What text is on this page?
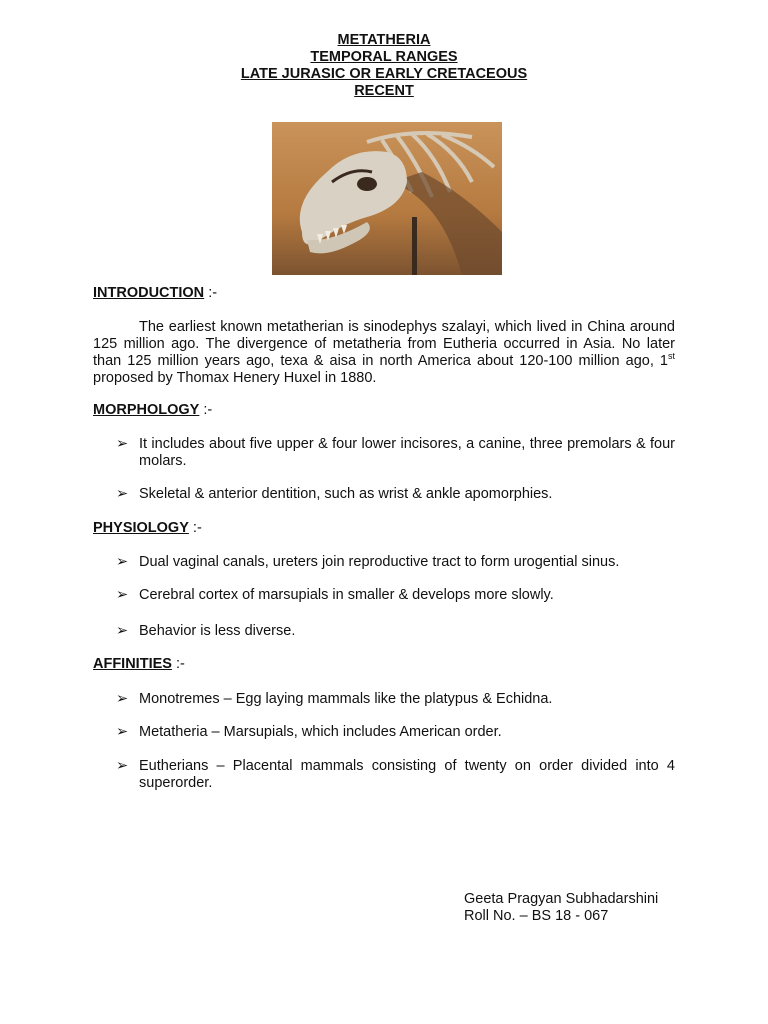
METATHERIA
TEMPORAL RANGES
LATE JURASIC OR EARLY CRETACEOUS
RECENT
INTRODUCTION :-
The earliest known metatherian is sinodephys szalayi, which lived in China around 125 million ago. The divergence of metatheria from Eutheria occurred in Asia. No later than 125 million years ago, texa & aisa in north America about 120-100 million ago, 1st proposed by Thomax Henery Huxel in 1880.
MORPHOLOGY :-
➢ It includes about five upper & four lower incisores, a canine, three premolars & four molars.
➢ Skeletal & anterior dentition, such as wrist & ankle apomorphies.
PHYSIOLOGY :-
➢ Dual vaginal canals, ureters join reproductive tract to form urogential sinus.
➢ Cerebral cortex of marsupials in smaller & develops more slowly.
➢ Behavior is less diverse.
AFFINITIES :-
➢ Monotremes – Egg laying mammals like the platypus & Echidna.
➢ Metatheria – Marsupials, which includes American order.
➢ Eutherians – Placental mammals consisting of twenty on order divided into 4 superorder.
Geeta Pragyan Subhadarshini
Roll No. – BS 18 - 067
